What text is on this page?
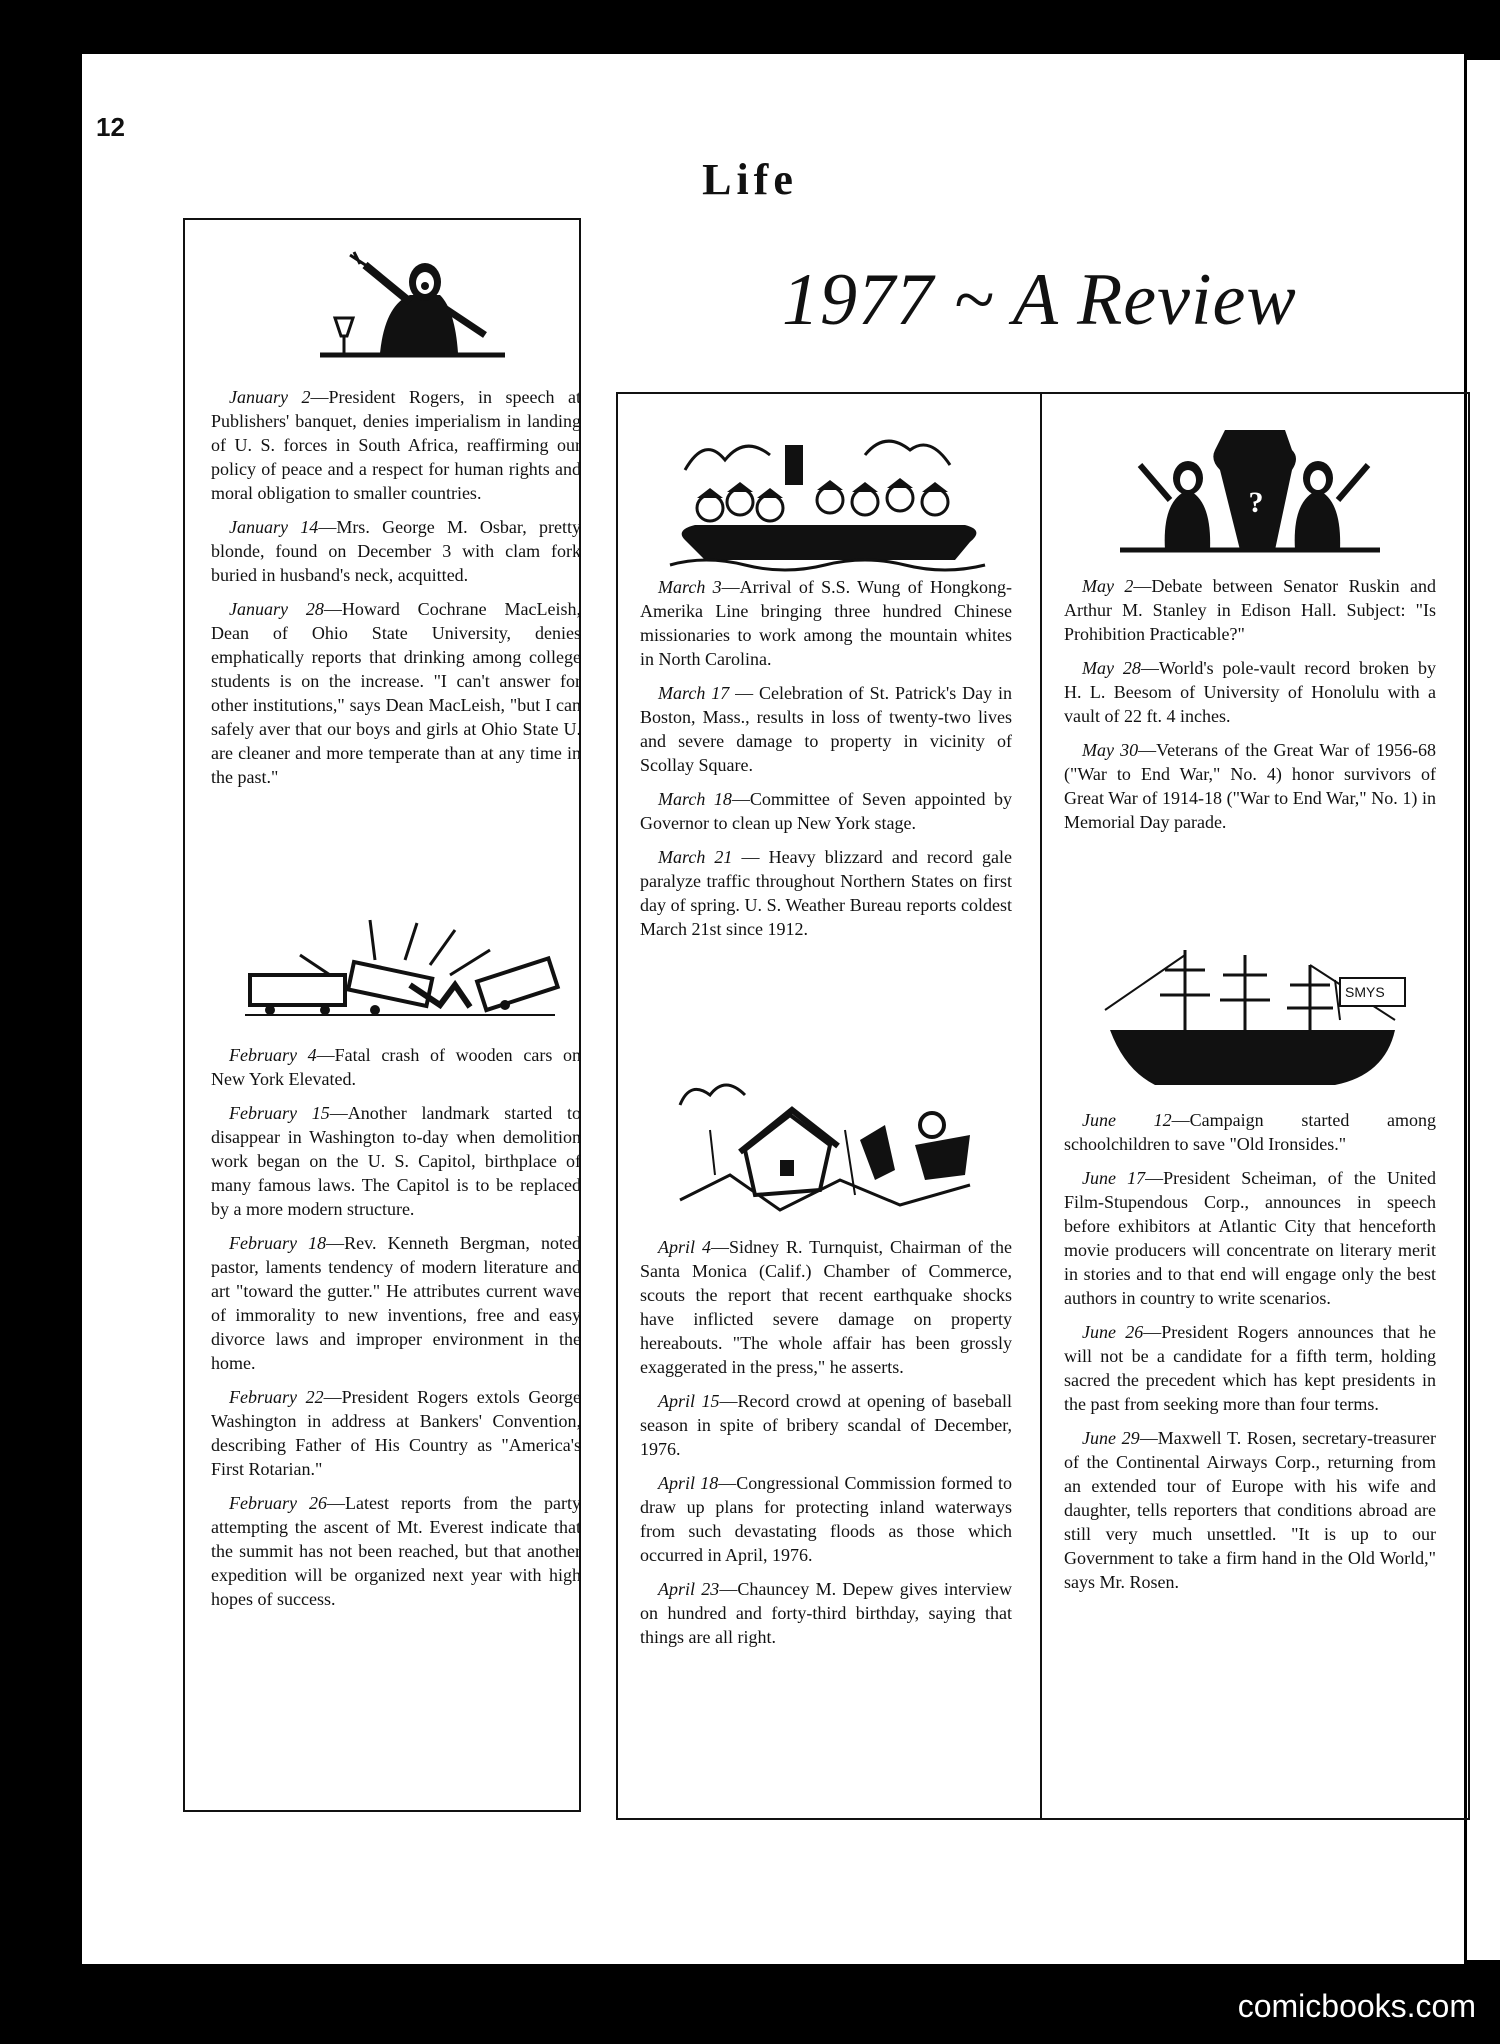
12
Life
1977 ~ A Review
?
SMYS

January 2—President Rogers, in speech at Publishers' banquet, denies imperialism in landing of U. S. forces in South Africa, reaffirming our policy of peace and a respect for human rights and moral obligation to smaller countries.

January 14—Mrs. George M. Osbar, pretty blonde, found on December 3 with clam fork buried in husband's neck, acquitted.

January 28—Howard Cochrane MacLeish, Dean of Ohio State University, denies emphatically reports that drinking among college students is on the increase. "I can't answer for other institutions," says Dean MacLeish, "but I can safely aver that our boys and girls at Ohio State U. are cleaner and more temperate than at any time in the past."

February 4—Fatal crash of wooden cars on New York Elevated.

February 15—Another landmark started to disappear in Washington to-day when demolition work began on the U. S. Capitol, birthplace of many famous laws. The Capitol is to be replaced by a more modern structure.

February 18—Rev. Kenneth Bergman, noted pastor, laments tendency of modern literature and art "toward the gutter." He attributes current wave of immorality to new inventions, free and easy divorce laws and improper environment in the home.

February 22—President Rogers extols George Washington in address at Bankers' Convention, describing Father of His Country as "America's First Rotarian."

February 26—Latest reports from the party attempting the ascent of Mt. Everest indicate that the summit has not been reached, but that another expedition will be organized next year with high hopes of success.

March 3—Arrival of S.S. Wung of Hongkong-Amerika Line bringing three hundred Chinese missionaries to work among the mountain whites in North Carolina.

March 17 — Celebration of St. Patrick's Day in Boston, Mass., results in loss of twenty-two lives and severe damage to property in vicinity of Scollay Square.

March 18—Committee of Seven appointed by Governor to clean up New York stage.

March 21 — Heavy blizzard and record gale paralyze traffic throughout Northern States on first day of spring. U. S. Weather Bureau reports coldest March 21st since 1912.

April 4—Sidney R. Turnquist, Chairman of the Santa Monica (Calif.) Chamber of Commerce, scouts the report that recent earthquake shocks have inflicted severe damage on property hereabouts. "The whole affair has been grossly exaggerated in the press," he asserts.

April 15—Record crowd at opening of baseball season in spite of bribery scandal of December, 1976.

April 18—Congressional Commission formed to draw up plans for protecting inland waterways from such devastating floods as those which occurred in April, 1976.

April 23—Chauncey M. Depew gives interview on hundred and forty-third birthday, saying that things are all right.

May 2—Debate between Senator Ruskin and Arthur M. Stanley in Edison Hall. Subject: "Is Prohibition Practicable?"

May 28—World's pole-vault record broken by H. L. Beesom of University of Honolulu with a vault of 22 ft. 4 inches.

May 30—Veterans of the Great War of 1956-68 ("War to End War," No. 4) honor survivors of Great War of 1914-18 ("War to End War," No. 1) in Memorial Day parade.

June 12—Campaign started among schoolchildren to save "Old Ironsides."

June 17—President Scheiman, of the United Film-Stupendous Corp., announces in speech before exhibitors at Atlantic City that henceforth movie producers will concentrate on literary merit in stories and to that end will engage only the best authors in country to write scenarios.

June 26—President Rogers announces that he will not be a candidate for a fifth term, holding sacred the precedent which has kept presidents in the past from seeking more than four terms.

June 29—Maxwell T. Rosen, secretary-treasurer of the Continental Airways Corp., returning from an extended tour of Europe with his wife and daughter, tells reporters that conditions abroad are still very much unsettled. "It is up to our Government to take a firm hand in the Old World," says Mr. Rosen.

comicbooks.com
